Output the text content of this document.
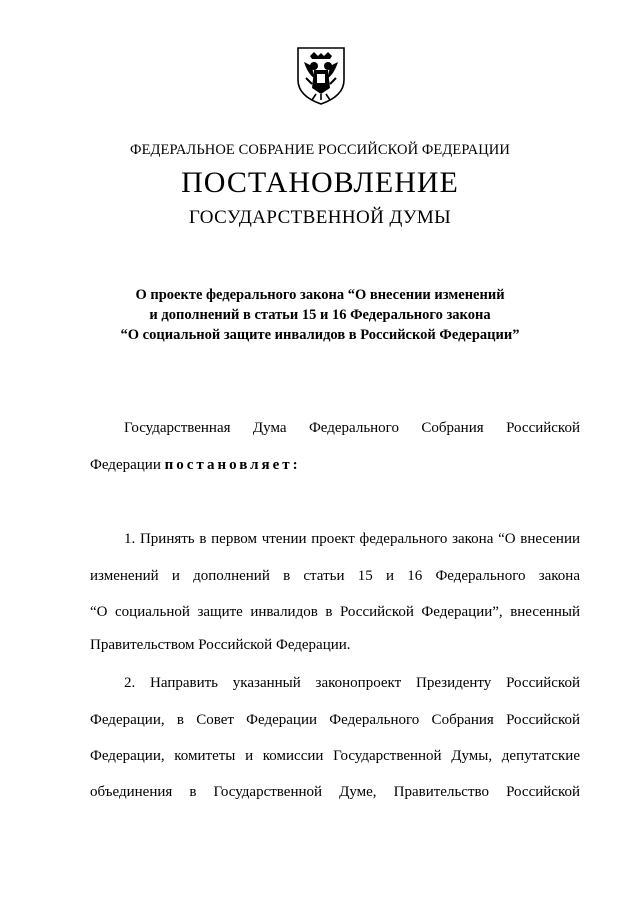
ФЕДЕРАЛЬНОЕ СОБРАНИЕ РОССИЙСКОЙ ФЕДЕРАЦИИ
ПОСТАНОВЛЕНИЕ
ГОСУДАРСТВЕННОЙ ДУМЫ
О проекте федерального закона “О внесении изменений
и дополнений в статьи 15 и 16 Федерального закона
“О социальной защите инвалидов в Российской Федерации”
Государственная Дума Федерального Собрания Российской
Федерации постановляет:
1. Принять в первом чтении проект федерального закона “О внесении
изменений и дополнений в статьи 15 и 16 Федерального закона
“О социальной защите инвалидов в Российской Федерации”, внесенный
Правительством Российской Федерации.
2. Направить указанный законопроект Президенту Российской
Федерации, в Совет Федерации Федерального Собрания Российской
Федерации, комитеты и комиссии Государственной Думы, депутатские
объединения в Государственной Думе, Правительство Российской
